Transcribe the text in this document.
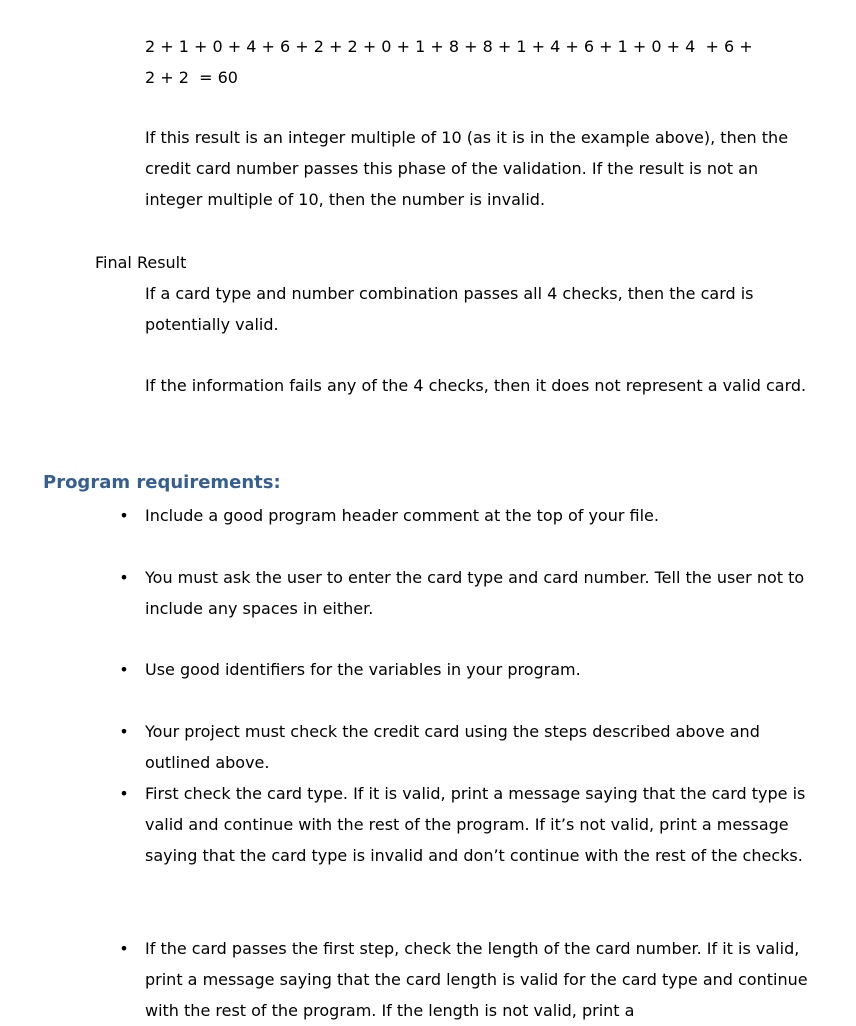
2 + 1 + 0 + 4 + 6 + 2 + 2 + 0 + 1 + 8 + 8 + 1 + 4 + 6 + 1 + 0 + 4  + 6 +

2 + 2  = 60

If this result is an integer multiple of 10 (as it is in the example above), then the credit card number passes this phase of the validation. If the result is not an integer multiple of 10, then the number is invalid.

Final Result

If a card type and number combination passes all 4 checks, then the card is potentially valid.

If the information fails any of the 4 checks, then it does not represent a valid card.

Program requirements:
• Include a good program header comment at the top of your file.
• You must ask the user to enter the card type and card number. Tell the user not to include any spaces in either.
• Use good identifiers for the variables in your program.
• Your project must check the credit card using the steps described above and outlined above.
• First check the card type. If it is valid, print a message saying that the card type is valid and continue with the rest of the program. If it’s not valid, print a message saying that the card type is invalid and don’t continue with the rest of the checks.
• If the card passes the first step, check the length of the card number. If it is valid, print a message saying that the card length is valid for the card type and continue with the rest of the program. If the length is not valid, print a
